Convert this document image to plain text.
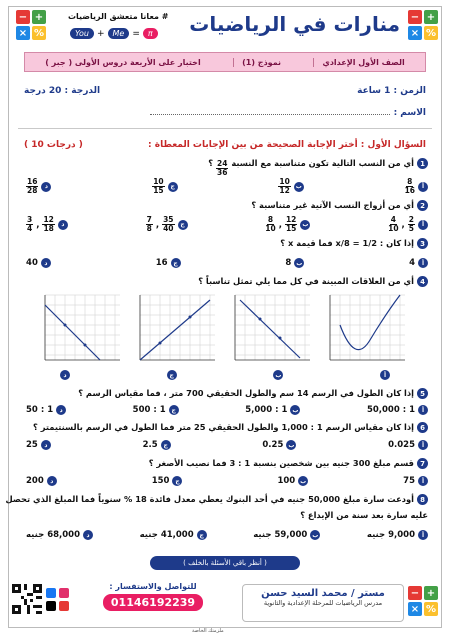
− +
× %
− +
× %	منارات في الرياضيات
# معانا متعشق الرياضيات
You +	Me =	π
الصف الأول الإعدادي
نموذج (1)
اختبار على الأربعة دروس الأولى ( جبر )
الزمن : 1 ساعة
الدرجة : 20 درجة
الاسم :
السؤال الأول : أختر الإجابة الصحيحة من بين الإجابات المعطاة :
( 10 درجات )
1أي من النسب التالية تكون متناسبة مع النسبة
$\frac{24}{36}$
؟
أ
8
16
ب
10
12
ج
10
15
د
16
28
2أي من أزواج النسب الآتية غير متناسبة ؟
أ
2
5
,
4
10
ب
12
15
,
8
10
ج
35
40
,
7
8
د
12
18
,
3
4
3إذا كان : 1/2 = 8/x فما قيمة x ؟
أ
4
ب
8
ج
16
د
40
4أي من العلاقات المبينة في كل مما يلي تمثل تناسباً ؟
أ
ب
ج
د
5إذا كان الطول في الرسم 14 سم والطول الحقيقي 700 متر ، فما مقياس الرسم ؟
أ
1 : 50,000
ب
1 : 5,000
ج
1 : 500
د
1 : 50
6إذا كان مقياس الرسم 1 : 1,000 والطول الحقيقي 25 متر فما الطول في الرسم بالسنتيمتر ؟
أ
0.025
ب
0.25
ج
2.5
د
25
7قسم مبلغ 300 جنيه بين شخصين بنسبة 1 : 3 فما نصيب الأصغر ؟
أ
75
ب
100
ج
150
د
200
8أودعت سارة مبلغ 50,000 جنيه في أحد البنوك يعطي معدل فائدة 18 % سنوياً فما المبلغ الذي تحصل
عليه سارة بعد سنة من الإيداع ؟
أ
9,000 جنيه
ب
59,000 جنيه
ج
41,000 جنيه
د
68,000 جنيه
( أنظر باقي الأسئلة بالخلف )
− +
× %
مستر / محمد السيد حسن
مدرس الرياضيات للمرحلة الإعدادية والثانوية
للتواصل والاستفسار :
01146192239
ملزمتك الخاصة
